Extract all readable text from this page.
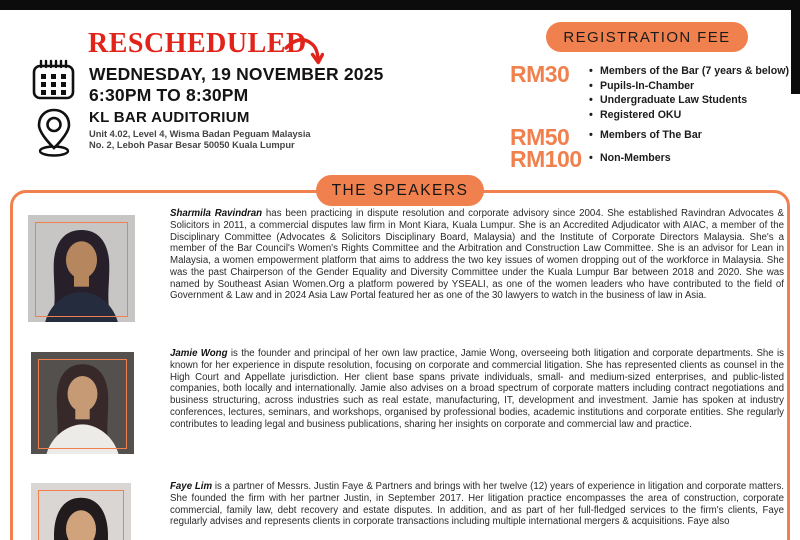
RESCHEDULED
WEDNESDAY, 19 NOVEMBER 2025
6:30PM TO 8:30PM
KL BAR AUDITORIUM
Unit 4.02, Level 4, Wisma Badan Peguam Malaysia
No. 2, Leboh Pasar Besar 50050 Kuala Lumpur
REGISTRATION FEE
RM30	• Members of the Bar (7 years & below)
• Pupils-In-Chamber
• Undergraduate Law Students
• Registered OKU
RM50	• Members of The Bar
RM100 • Non-Members
THE SPEAKERS

Sharmila Ravindran has been practicing in dispute resolution and corporate advisory since 2004. She established Ravindran Advocates & Solicitors in 2011, a commercial disputes law firm in Mont Kiara, Kuala Lumpur. She is an Accredited Adjudicator with AIAC, a member of the Disciplinary Committee (Advocates & Solicitors Disciplinary Board, Malaysia) and the Institute of Corporate Directors Malaysia. She's a member of the Bar Council's Women's Rights Committee and the Arbitration and Construction Law Committee. She is an advisor for Lean in Malaysia, a women empowerment platform that aims to address the two key issues of women dropping out of the workforce in Malaysia. She was the past Chairperson of the Gender Equality and Diversity Committee under the Kuala Lumpur Bar between 2018 and 2020. She was named by Southeast Asian Women.Org a platform powered by YSEALI, as one of the women leaders who have contributed to the field of Government & Law and in 2024 Asia Law Portal featured her as one of the 30 lawyers to watch in the business of law in Asia.

Jamie Wong is the founder and principal of her own law practice, Jamie Wong, overseeing both litigation and corporate departments. She is known for her experience in dispute resolution, focusing on corporate and commercial litigation. She has represented clients as counsel in the High Court and Appellate jurisdiction. Her client base spans private individuals, small- and medium-sized enterprises, and public-listed companies, both locally and internationally. Jamie also advises on a broad spectrum of corporate matters including contract negotiations and business structuring, across industries such as real estate, manufacturing, IT, development and investment. Jamie has spoken at industry conferences, lectures, seminars, and workshops, organised by professional bodies, academic institutions and corporate entities. She regularly contributes to leading legal and business publications, sharing her insights on corporate and commercial law and practice.

Faye Lim is a partner of Messrs. Justin Faye & Partners and brings with her twelve (12) years of experience in litigation and corporate matters. She founded the firm with her partner Justin, in September 2017. Her litigation practice encompasses the area of construction, corporate commercial, family law, debt recovery and estate disputes. In addition, and as part of her full-fledged services to the firm's clients, Faye regularly advises and represents clients in corporate transactions including multiple international mergers & acquisitions. Faye also
